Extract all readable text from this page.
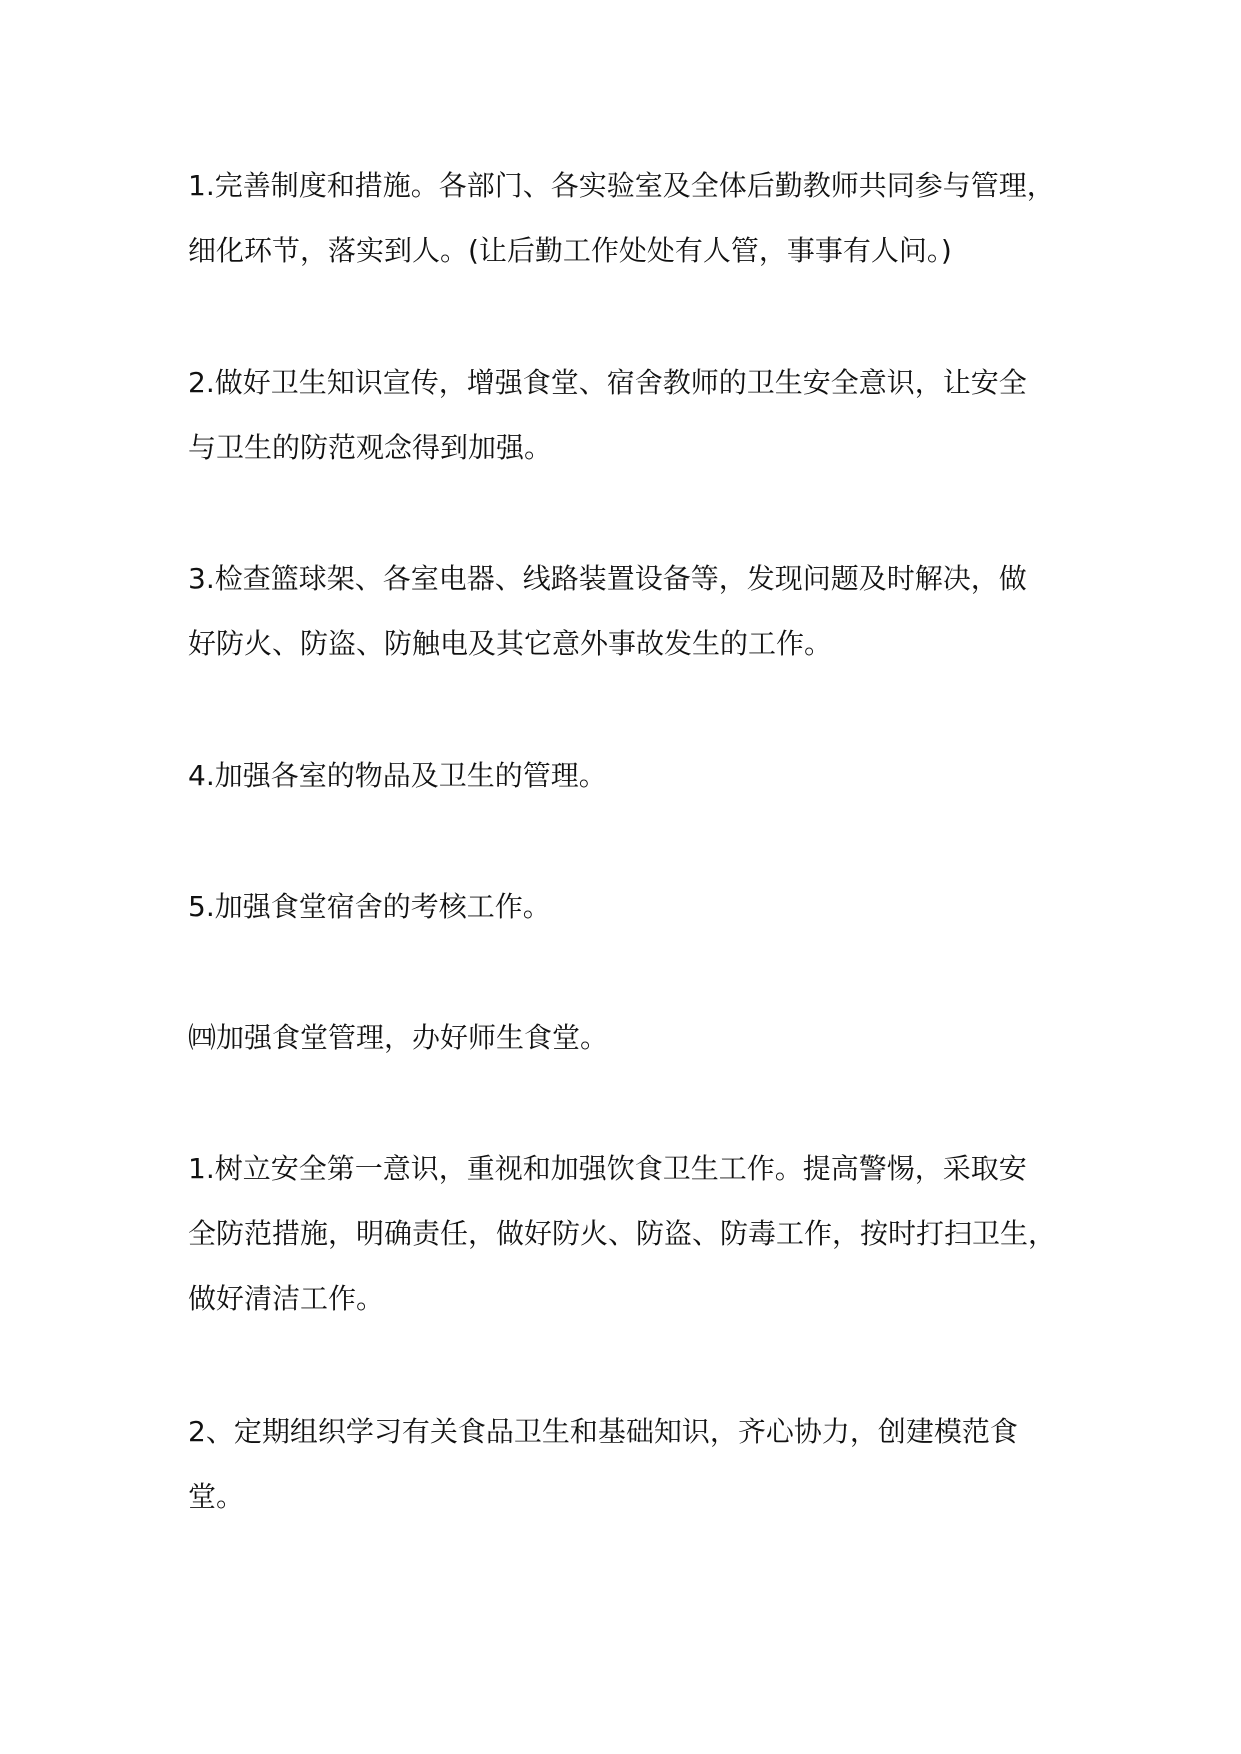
1.完善制度和措施。各部门、各实验室及全体后勤教师共同参与管理，
细化环节，落实到人。(让后勤工作处处有人管，事事有人问。)

2.做好卫生知识宣传，增强食堂、宿舍教师的卫生安全意识，让安全
与卫生的防范观念得到加强。

3.检查篮球架、各室电器、线路装置设备等，发现问题及时解决，做
好防火、防盗、防触电及其它意外事故发生的工作。

4.加强各室的物品及卫生的管理。

5.加强食堂宿舍的考核工作。

㈣加强食堂管理，办好师生食堂。

1.树立安全第一意识，重视和加强饮食卫生工作。提高警惕，采取安
全防范措施，明确责任，做好防火、防盗、防毒工作，按时打扫卫生，
做好清洁工作。

2、定期组织学习有关食品卫生和基础知识，齐心协力，创建模范食
堂。
